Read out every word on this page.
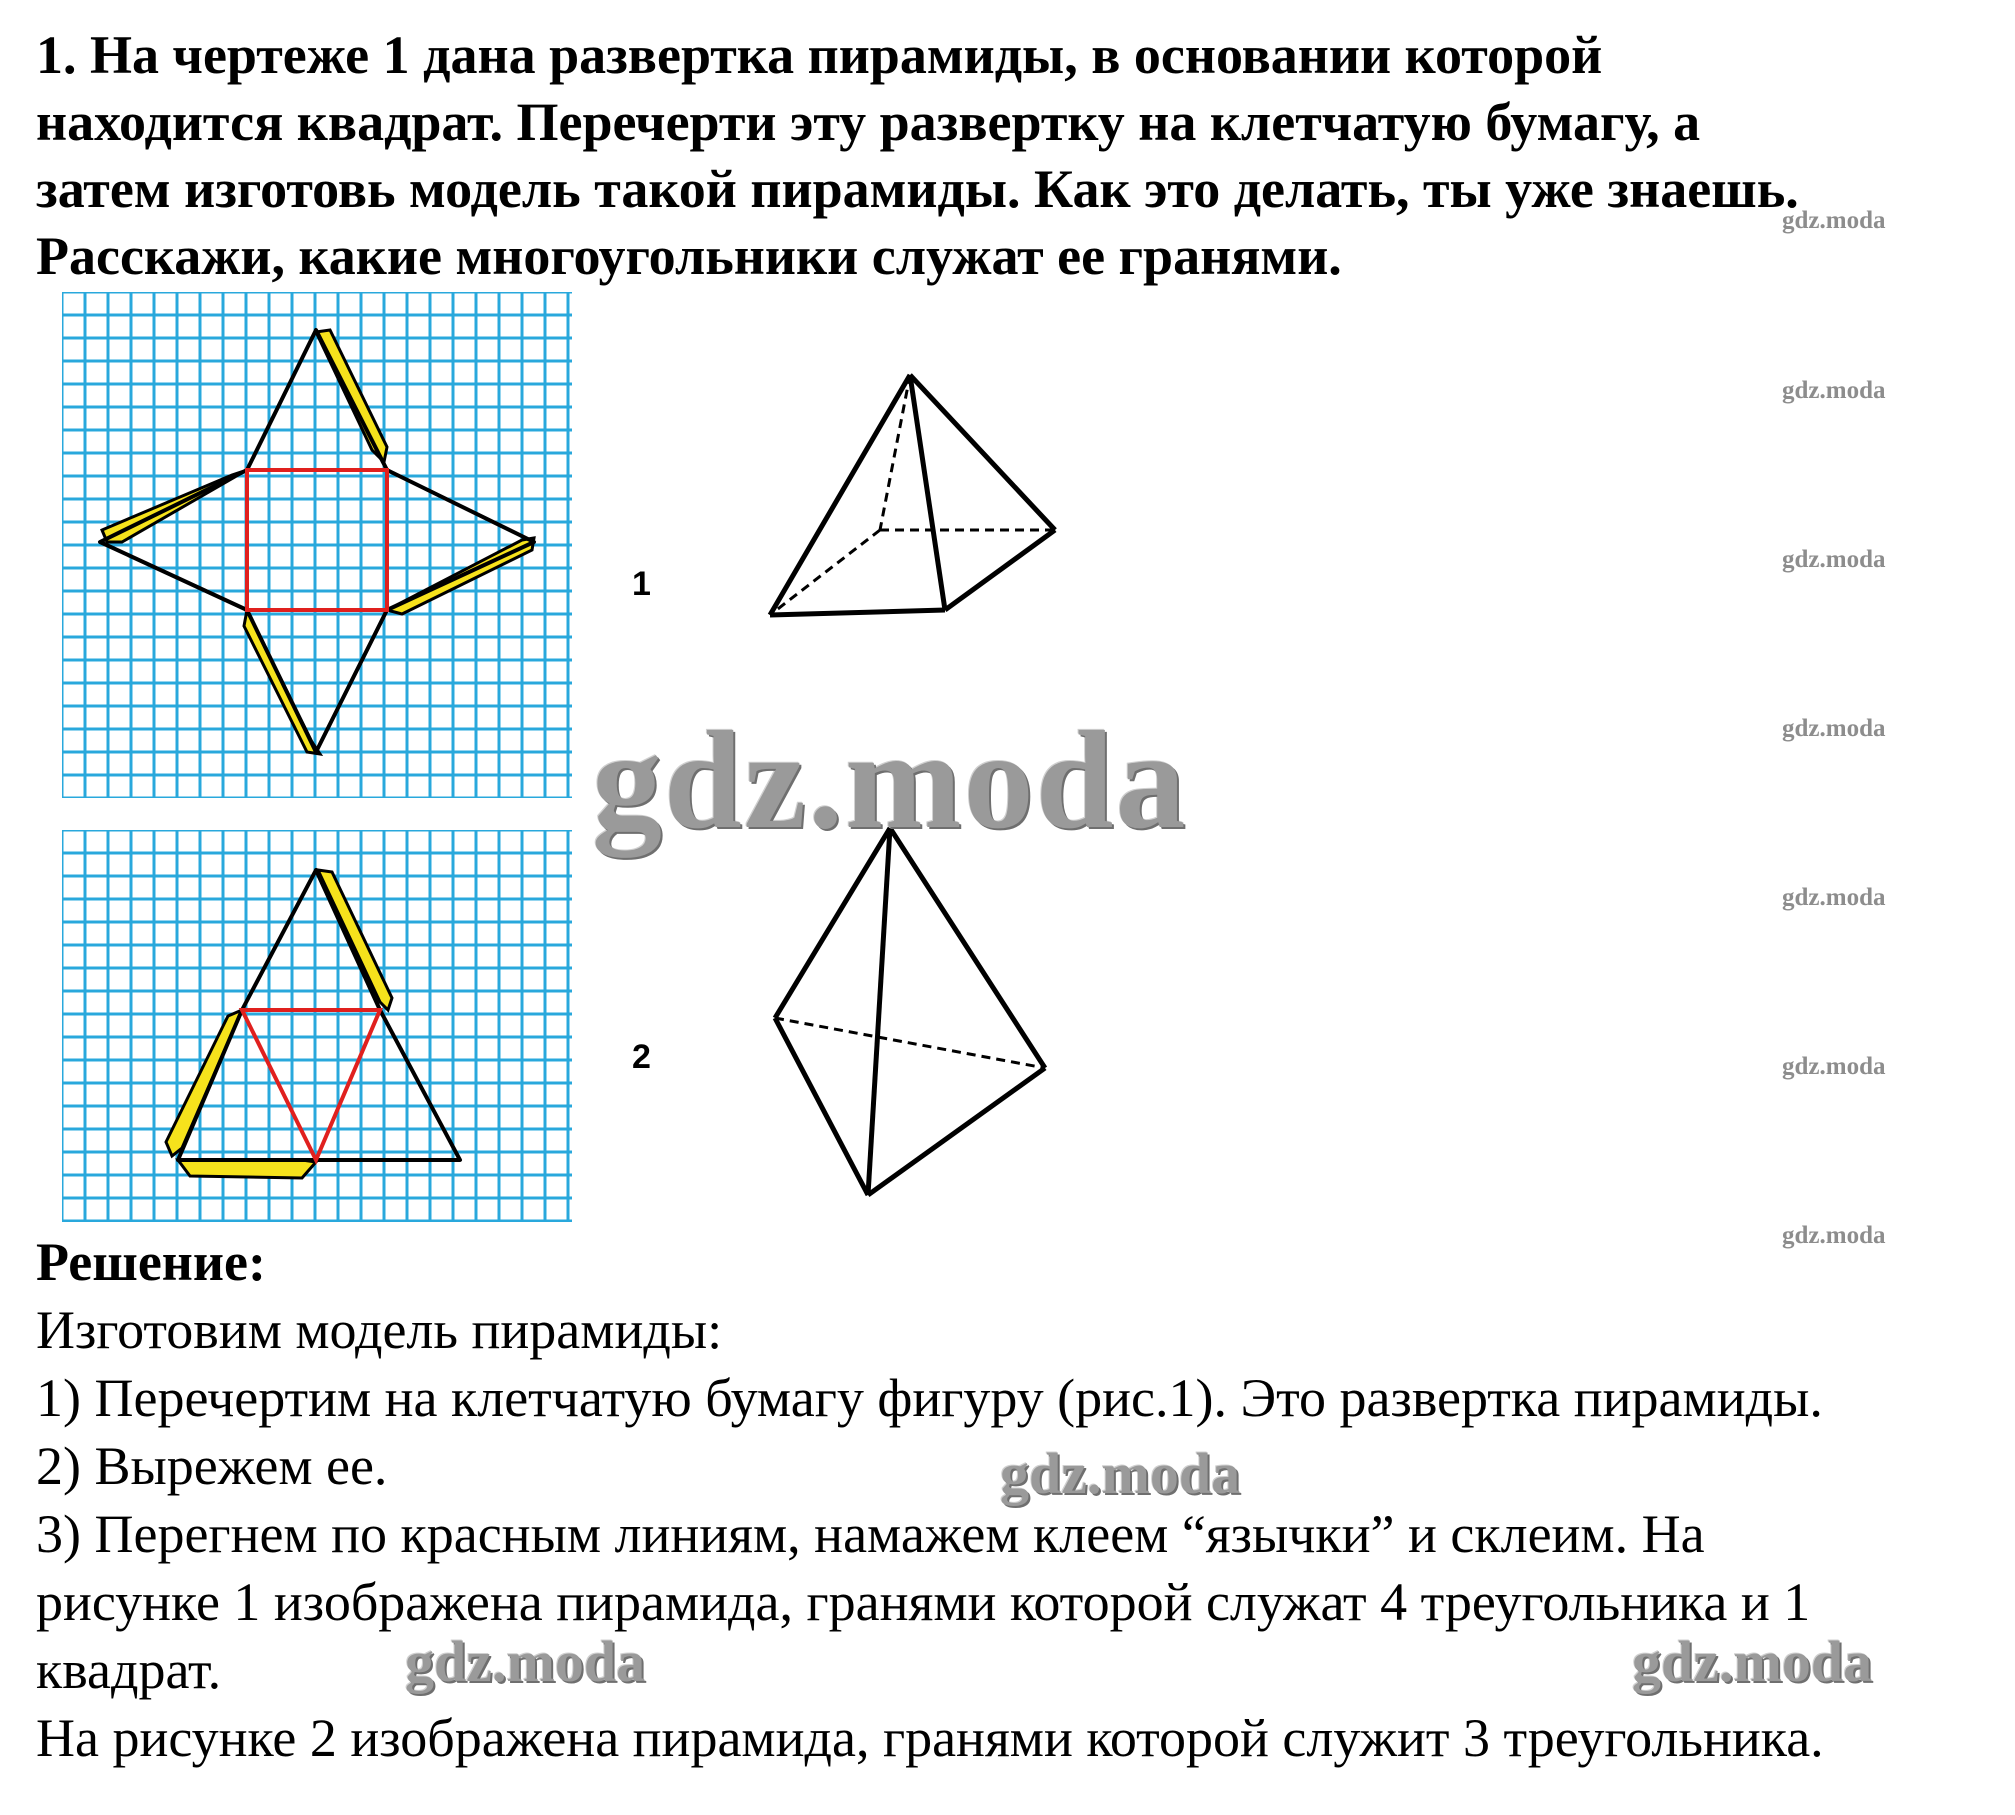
1. На чертеже 1 дана развертка пирамиды, в основании которой

находится квадрат. Перечерти эту развертку на клетчатую бумагу, а

затем изготовь модель такой пирамиды. Как это делать, ты уже знаешь.

Расскажи, какие многоугольники служат ее гранями.

1
2
gdz.moda
gdz.moda
gdz.moda
gdz.moda
gdz.moda
gdz.moda
gdz.moda
gdz.moda

Решение:

Изготовим модель пирамиды:

1) Перечертим на клетчатую бумагу фигуру (рис.1). Это развертка пирамиды.

2) Вырежем ее.

3) Перегнем по красным линиям, намажем клеем “язычки” и склеим. На

рисунке 1 изображена пирамида, гранями которой служат 4 треугольника и 1

квадрат.

На рисунке 2 изображена пирамида, гранями которой служит 3 треугольника.

gdz.moda
gdz.moda	gdz.moda
